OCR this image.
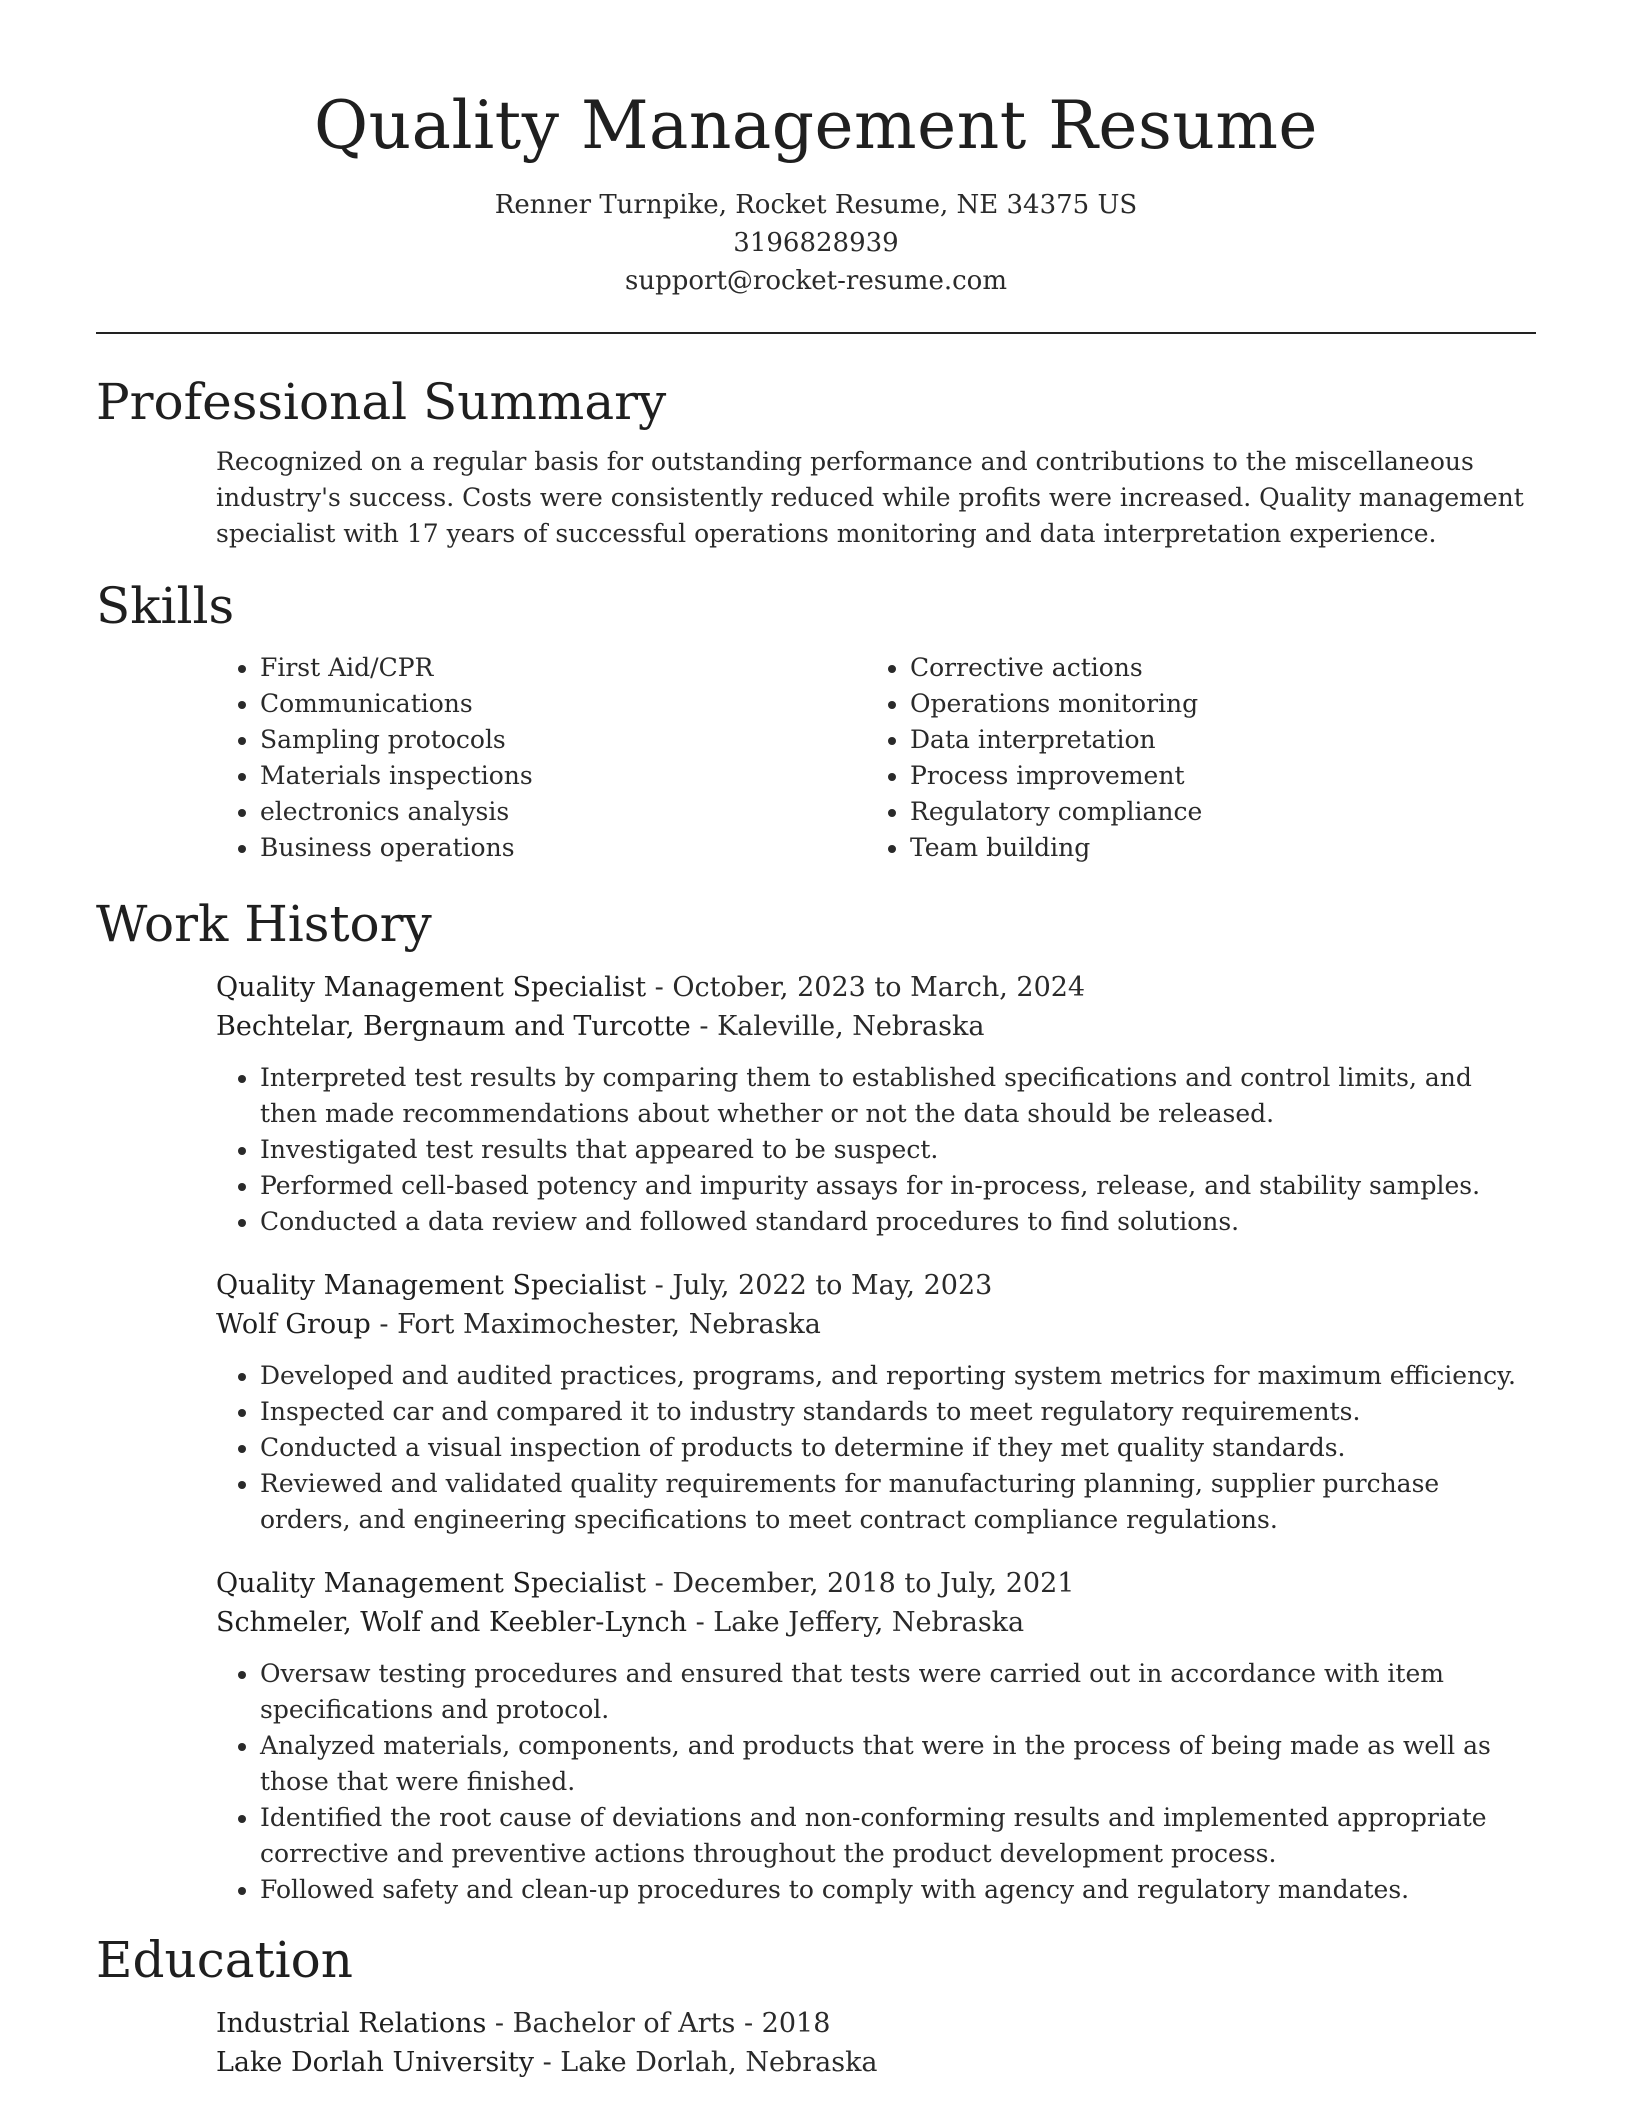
Quality Management Resume
Renner Turnpike, Rocket Resume, NE 34375 US
3196828939
support@rocket-resume.com
Professional Summary
Recognized on a regular basis for outstanding performance and contributions to the miscellaneous industry's success. Costs were consistently reduced while profits were increased. Quality management specialist with 17 years of successful operations monitoring and data interpretation experience.
Skills
• First Aid/CPR
• Communications
• Sampling protocols
• Materials inspections
• electronics analysis
• Business operations
• Corrective actions
• Operations monitoring
• Data interpretation
• Process improvement
• Regulatory compliance
• Team building
Work History
Quality Management Specialist - October, 2023 to March, 2024
Bechtelar, Bergnaum and Turcotte - Kaleville, Nebraska
• Interpreted test results by comparing them to established specifications and control limits, and then made recommendations about whether or not the data should be released.
• Investigated test results that appeared to be suspect.
• Performed cell-based potency and impurity assays for in-process, release, and stability samples.
• Conducted a data review and followed standard procedures to find solutions.
Quality Management Specialist - July, 2022 to May, 2023
Wolf Group - Fort Maximochester, Nebraska
• Developed and audited practices, programs, and reporting system metrics for maximum efficiency.
• Inspected car and compared it to industry standards to meet regulatory requirements.
• Conducted a visual inspection of products to determine if they met quality standards.
• Reviewed and validated quality requirements for manufacturing planning, supplier purchase orders, and engineering specifications to meet contract compliance regulations.
Quality Management Specialist - December, 2018 to July, 2021
Schmeler, Wolf and Keebler-Lynch - Lake Jeffery, Nebraska
• Oversaw testing procedures and ensured that tests were carried out in accordance with item specifications and protocol.
• Analyzed materials, components, and products that were in the process of being made as well as those that were finished.
• Identified the root cause of deviations and non-conforming results and implemented appropriate corrective and preventive actions throughout the product development process.
• Followed safety and clean-up procedures to comply with agency and regulatory mandates.
Education
Industrial Relations - Bachelor of Arts - 2018
Lake Dorlah University - Lake Dorlah, Nebraska
